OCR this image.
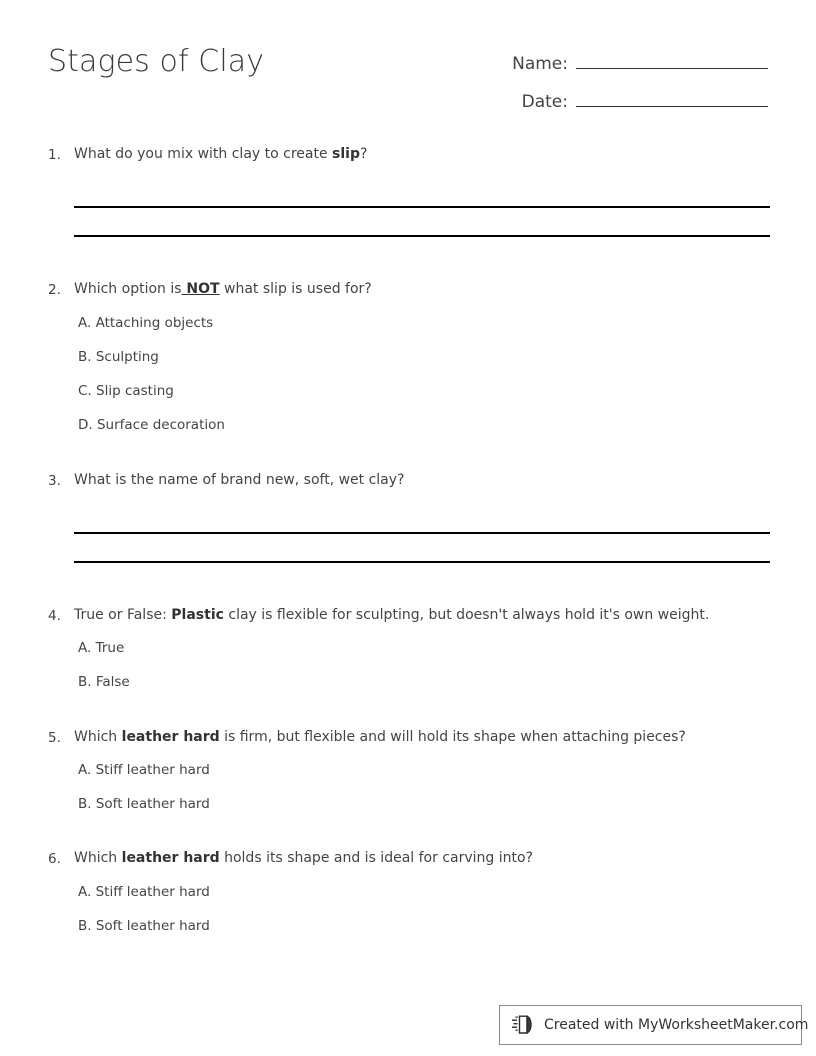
Stages of Clay	Name:
Date:
1. What do you mix with clay to create slip?
2. Which option is NOT what slip is used for?
A. Attaching objects
B. Sculpting
C. Slip casting
D. Surface decoration
3. What is the name of brand new, soft, wet clay?
4. True or False: Plastic clay is flexible for sculpting, but doesn't always hold it's own weight.
A. True
B. False
5. Which leather hard is firm, but flexible and will hold its shape when attaching pieces?
A. Stiff leather hard
B. Soft leather hard
6. Which leather hard holds its shape and is ideal for carving into?
A. Stiff leather hard
B. Soft leather hard
Created with MyWorksheetMaker.com
